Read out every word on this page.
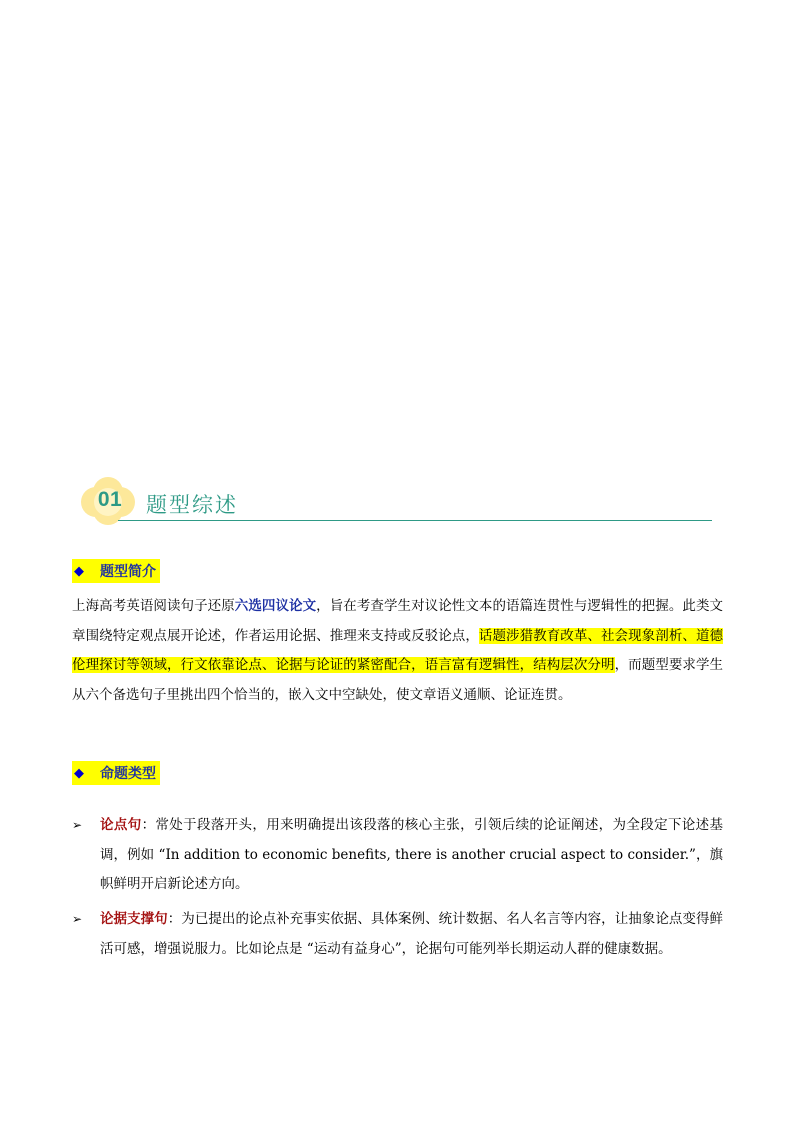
01	题型综述
◆	题型简介
上海高考英语阅读句子还原六选四议论文，旨在考查学生对议论性文本的语篇连贯性与逻辑性的把握。此类文章围绕特定观点展开论述，作者运用论据、推理来支持或反驳论点，话题涉猎教育改革、社会现象剖析、道德伦理探讨等领域，行文依靠论点、论据与论证的紧密配合，语言富有逻辑性，结构层次分明，而题型要求学生从六个备选句子里挑出四个恰当的，嵌入文中空缺处，使文章语义通顺、论证连贯。
◆	命题类型
➢ 论点句：常处于段落开头，用来明确提出该段落的核心主张，引领后续的论证阐述，为全段定下论述基调，例如 “In addition to economic benefits, there is another crucial aspect to consider.”，旗帜鲜明开启新论述方向。
➢ 论据支撑句：为已提出的论点补充事实依据、具体案例、统计数据、名人名言等内容，让抽象论点变得鲜活可感，增强说服力。比如论点是 “运动有益身心”，论据句可能列举长期运动人群的健康数据。
